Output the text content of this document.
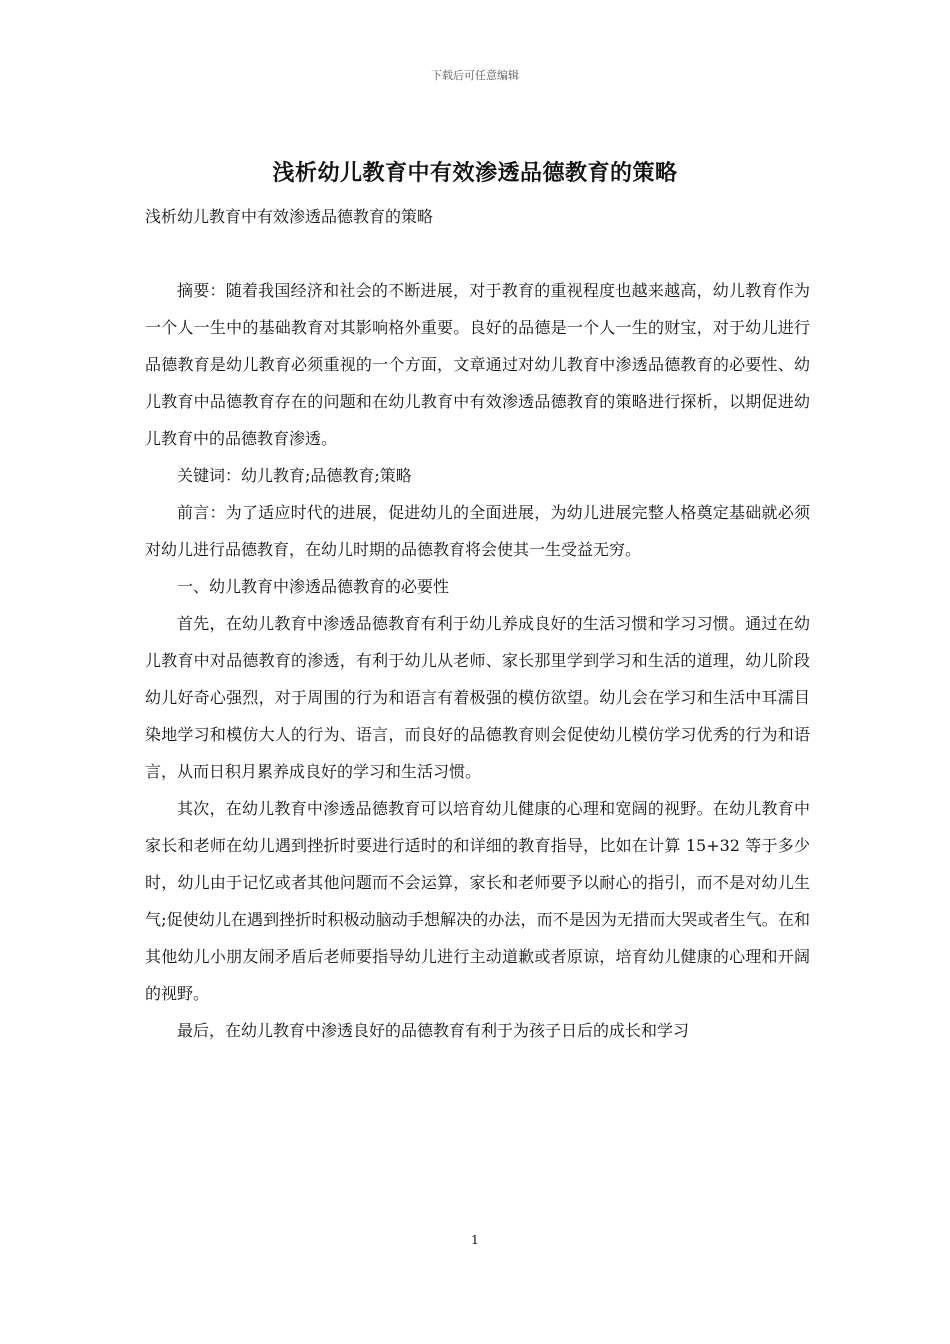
下载后可任意编辑
浅析幼儿教育中有效渗透品德教育的策略

浅析幼儿教育中有效渗透品德教育的策略

摘要：随着我国经济和社会的不断进展，对于教育的重视程度也越来越高，幼儿教育作为一个人一生中的基础教育对其影响格外重要。良好的品德是一个人一生的财宝，对于幼儿进行品德教育是幼儿教育必须重视的一个方面，文章通过对幼儿教育中渗透品德教育的必要性、幼儿教育中品德教育存在的问题和在幼儿教育中有效渗透品德教育的策略进行探析，以期促进幼儿教育中的品德教育渗透。

关键词：幼儿教育;品德教育;策略

前言：为了适应时代的进展，促进幼儿的全面进展，为幼儿进展完整人格奠定基础就必须对幼儿进行品德教育，在幼儿时期的品德教育将会使其一生受益无穷。

一、幼儿教育中渗透品德教育的必要性

首先，在幼儿教育中渗透品德教育有利于幼儿养成良好的生活习惯和学习习惯。通过在幼儿教育中对品德教育的渗透，有利于幼儿从老师、家长那里学到学习和生活的道理，幼儿阶段幼儿好奇心强烈，对于周围的行为和语言有着极强的模仿欲望。幼儿会在学习和生活中耳濡目染地学习和模仿大人的行为、语言，而良好的品德教育则会促使幼儿模仿学习优秀的行为和语言，从而日积月累养成良好的学习和生活习惯。

其次，在幼儿教育中渗透品德教育可以培育幼儿健康的心理和宽阔的视野。在幼儿教育中家长和老师在幼儿遇到挫折时要进行适时的和详细的教育指导，比如在计算 15+32 等于多少时，幼儿由于记忆或者其他问题而不会运算，家长和老师要予以耐心的指引，而不是对幼儿生气;促使幼儿在遇到挫折时积极动脑动手想解决的办法，而不是因为无措而大哭或者生气。在和其他幼儿小朋友闹矛盾后老师要指导幼儿进行主动道歉或者原谅，培育幼儿健康的心理和开阔的视野。

最后，在幼儿教育中渗透良好的品德教育有利于为孩子日后的成长和学习

1
